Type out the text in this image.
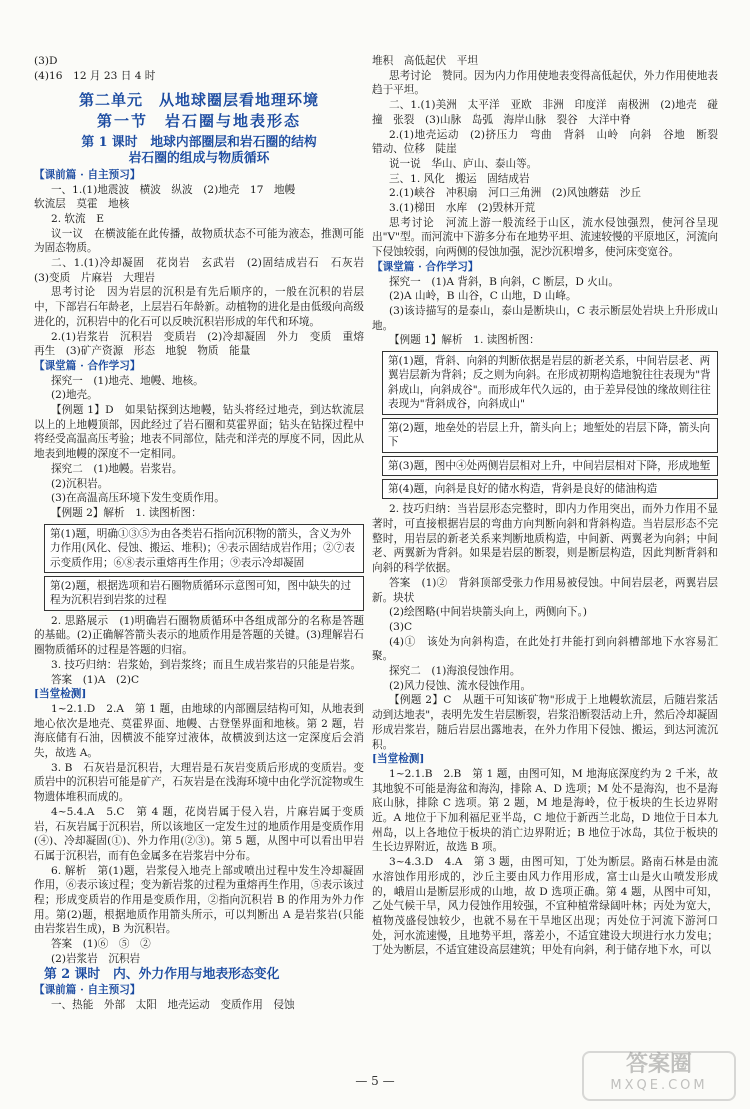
(3)D

(4)16　12 月 23 日 4 时

第二单元　从地球圈层看地理环境
第一节　岩石圈与地表形态
第 1 课时　地球内部圈层和岩石圈的结构
岩石圈的组成与物质循环

【课前篇 · 自主预习】

一、1.(1)地震波　横波　纵波　(2)地壳　17　地幔

软流层　莫霍　地核

2. 软流　E

议一议　在横波能在此传播，故物质状态不可能为液态，推测可能为固态物质。

二、1.(1)冷却凝固　花岗岩　玄武岩　(2)固结成岩石　石灰岩　(3)变质　片麻岩　大理岩

思考讨论　因为岩层的沉积是有先后顺序的，一般在沉积的岩层中，下部岩石年龄老，上层岩石年龄新。动植物的进化是由低级向高级进化的，沉积岩中的化石可以反映沉积岩形成的年代和环境。

2.(1)岩浆岩　沉积岩　变质岩　(2)冷却凝固　外力　变质　重熔再生　(3)矿产资源　形态　地貌　物质　能量

【课堂篇 · 合作学习】

探究一　(1)地壳、地幔、地核。

(2)地壳。

【例题 1】D　如果钻探到达地幔，钻头将经过地壳，到达软流层以上的上地幔顶部，因此经过了岩石圈和莫霍界面；钻头在钻探过程中将经受高温高压考验；地表不同部位，陆壳和洋壳的厚度不同，因此从地表到地幔的深度不一定相同。

探究二　(1)地幔。岩浆岩。

(2)沉积岩。

(3)在高温高压环境下发生变质作用。

【例题 2】解析　1. 读图析图：

第(1)题，明确①③⑤为由各类岩石指向沉积物的箭头，含义为外力作用(风化、侵蚀、搬运、堆积)；④表示固结成岩作用；②⑦表示变质作用；⑥⑧表示重熔再生作用；⑨表示冷却凝固
第(2)题，根据选项和岩石圈物质循环示意图可知，图中缺失的过程为沉积岩到岩浆的过程

2. 思路展示　(1)明确岩石圈物质循环中各组成部分的名称是答题的基础。(2)正确解答箭头表示的地质作用是答题的关键。(3)理解岩石圈物质循环的过程是答题的归宿。

3. 技巧归纳：岩浆始，到岩浆终；而且生成岩浆岩的只能是岩浆。

答案　(1)A　(2)C

[当堂检测]

1~2.1.D　2.A　第 1 题，由地球的内部圈层结构可知，从地表到地心依次是地壳、莫霍界面、地幔、古登堡界面和地核。第 2 题，岩海底储有石油，因横波不能穿过液体，故横波到达这一定深度后会消失，故选 A。

3. B　石灰岩是沉积岩，大理岩是石灰岩变质后形成的变质岩。变质岩中的沉积岩可能是矿产，石灰岩是在浅海环境中由化学沉淀物或生物遗体堆积而成的。

4~5.4.A　5.C　第 4 题，花岗岩属于侵入岩，片麻岩属于变质岩，石灰岩属于沉积岩，所以该地区一定发生过的地质作用是变质作用(④)、冷却凝固(①)、外力作用(②③)。第 5 题，从图中可以看出甲岩石属于沉积岩，而有色金属多在岩浆岩中分布。

6. 解析　第(1)题，岩浆侵入地壳上部或喷出过程中发生冷却凝固作用，⑥表示该过程；变为新岩浆的过程为重熔再生作用，⑤表示该过程；形成变质岩的作用是变质作用，②指向沉积岩 B 的作用为外力作用。第(2)题，根据地质作用箭头所示，可以判断出 A 是岩浆岩(只能由岩浆岩生成)，B 为沉积岩。

答案　(1)⑥　⑤　②

(2)岩浆岩　沉积岩

第 2 课时　内、外力作用与地表形态变化

【课前篇 · 自主预习】

一、热能　外部　太阳　地壳运动　变质作用　侵蚀

堆积　高低起伏　平坦

思考讨论　赞同。因为内力作用使地表变得高低起伏，外力作用使地表趋于平坦。

二、1.(1)美洲　太平洋　亚欧　非洲　印度洋　南极洲　(2)地壳　碰撞　张裂　(3)山脉　岛弧　海岸山脉　裂谷　大洋中脊

2.(1)地壳运动　(2)挤压力　弯曲　背斜　山岭　向斜　谷地　断裂　错动、位移　陡崖

说一说　华山、庐山、泰山等。

三、1. 风化　搬运　固结成岩

2.(1)峡谷　冲积扇　河口三角洲　(2)风蚀蘑菇　沙丘

3.(1)梯田　水库　(2)毁林开荒

思考讨论　河流上游一般流经于山区，流水侵蚀强烈，使河谷呈现出"V"型。而河流中下游多分布在地势平坦、流速较慢的平原地区，河流向下侵蚀较弱，向两侧的侵蚀加强，泥沙沉积增多，使河床变宽谷。

【课堂篇 · 合作学习】

探究一　(1)A 背斜，B 向斜，C 断层，D 火山。

(2)A 山岭，B 山谷，C 山地，D 山峰。

(3)该诗描写的是泰山，泰山是断块山，C 表示断层处岩块上升形成山地。

【例题 1】解析　1. 读图析图：

第(1)题，背斜、向斜的判断依据是岩层的新老关系，中间岩层老、两翼岩层新为背斜；反之则为向斜。在形成初期构造地貌往往表现为"背斜成山，向斜成谷"。而形成年代久远的，由于差异侵蚀的缘故则往往表现为"背斜成谷，向斜成山"
第(2)题，地垒处的岩层上升，箭头向上；地堑处的岩层下降，箭头向下
第(3)题，图中④处两侧岩层相对上升，中间岩层相对下降，形成地堑
第(4)题，向斜是良好的储水构造，背斜是良好的储油构造

2. 技巧归纳：当岩层形态完整时，即内力作用突出，而外力作用不显著时，可直接根据岩层的弯曲方向判断向斜和背斜构造。当岩层形态不完整时，用岩层的新老关系来判断地质构造，中间新、两翼老为向斜；中间老、两翼新为背斜。如果是岩层的断裂，则是断层构造，因此判断背斜和向斜的科学依据。

答案　(1)②　背斜顶部受张力作用易被侵蚀。中间岩层老，两翼岩层新。块状

(2)绘图略(中间岩块箭头向上，两侧向下。)

(3)C

(4)①　该处为向斜构造，在此处打井能打到向斜槽部地下水容易汇聚。

探究二　(1)海浪侵蚀作用。

(2)风力侵蚀、流水侵蚀作用。

【例题 2】C　从题干可知该矿物"形成于上地幔软流层，后随岩浆活动到达地表"，表明先发生岩层断裂，岩浆沿断裂活动上升，然后冷却凝固形成岩浆岩，随后岩层出露地表，在外力作用下侵蚀、搬运，到达河流沉积。

[当堂检测]

1~2.1.B　2.B　第 1 题，由图可知，M 地海底深度约为 2 千米，故其地貌不可能是海盆和海沟，排除 A、D 选项；M 处不是海沟，也不是海底山脉，排除 C 选项。第 2 题，M 地是海岭，位于板块的生长边界附近。A 地位于下加利福尼亚半岛，C 地位于新西兰北岛，D 地位于日本九州岛，以上各地位于板块的消亡边界附近；B 地位于冰岛，其位于板块的生长边界附近，故选 B 项。

3~4.3.D　4.A　第 3 题，由图可知，丁处为断层。路南石林是由流水溶蚀作用形成的，沙丘主要由风力作用形成，富士山是火山喷发形成的，峨眉山是断层形成的山地，故 D 选项正确。第 4 题，从图中可知，乙处气候干旱，风力侵蚀作用较强，不宜种植常绿阔叶林；丙处为宽大，植物茂盛侵蚀较少，也就不易在干旱地区出现；丙处位于河流下游河口处，河水流速慢，且地势平坦，落差小，不适宜建设大坝进行水力发电；丁处为断层，不适宜建设高层建筑；甲处有向斜，利于储存地下水，可以

— 5 —
答案圈
MXQE.COM
